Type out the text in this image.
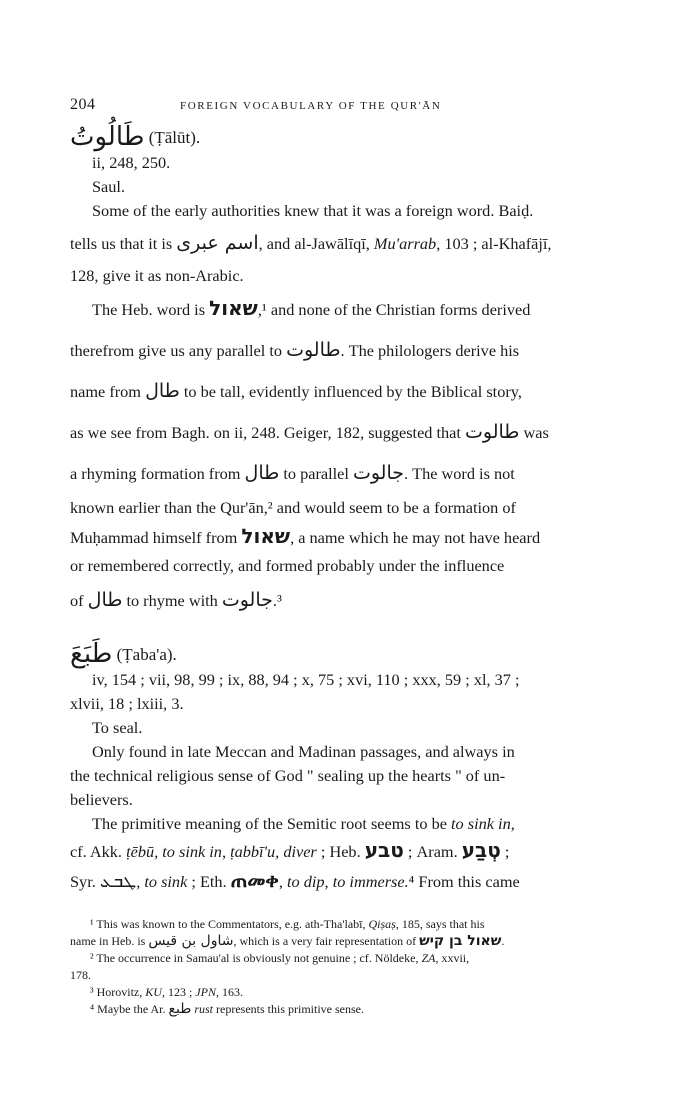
204	FOREIGN VOCABULARY OF THE QUR'ĀN

طَالُوتُ (Ṭālūt).

ii, 248, 250.

Saul.

Some of the early authorities knew that it was a foreign word. Baiḍ.

tells us that it is اسم عبرى, and al-Jawālīqī, Mu'arrab, 103 ; al-Khafājī,

128, give it as non-Arabic.

The Heb. word is שאול,¹ and none of the Christian forms derived

therefrom give us any parallel to طالوت. The philologers derive his

name from طال to be tall, evidently influenced by the Biblical story,

as we see from Bagh. on ii, 248. Geiger, 182, suggested that طالوت was

a rhyming formation from طال to parallel جالوت. The word is not

known earlier than the Qur'ān,² and would seem to be a formation of

Muḥammad himself from שאול, a name which he may not have heard

or remembered correctly, and formed probably under the influence

of طال to rhyme with جالوت.³

طَبَعَ (Ṭaba'a).

iv, 154 ; vii, 98, 99 ; ix, 88, 94 ; x, 75 ; xvi, 110 ; xxx, 59 ; xl, 37 ;

xlvii, 18 ; lxiii, 3.

To seal.

Only found in late Meccan and Madinan passages, and always in

the technical religious sense of God " sealing up the hearts " of un-

believers.

The primitive meaning of the Semitic root seems to be to sink in,

cf. Akk. ṭēbū, to sink in, ṭabbī'u, diver ; Heb. טבע ; Aram. טְבַע ;

Syr. ܛܒܥ, to sink ; Eth. ጠመቀ, to dip, to immerse.⁴ From this came

¹ This was known to the Commentators, e.g. ath-Tha'labī, Qiṣaṣ, 185, says that his

name in Heb. is شاول بن قيس, which is a very fair representation of שאול בן קיש.

² The occurrence in Samau'al is obviously not genuine ; cf. Nöldeke, ZA, xxvii,

178.

³ Horovitz, KU, 123 ; JPN, 163.

⁴ Maybe the Ar. طبع rust represents this primitive sense.
